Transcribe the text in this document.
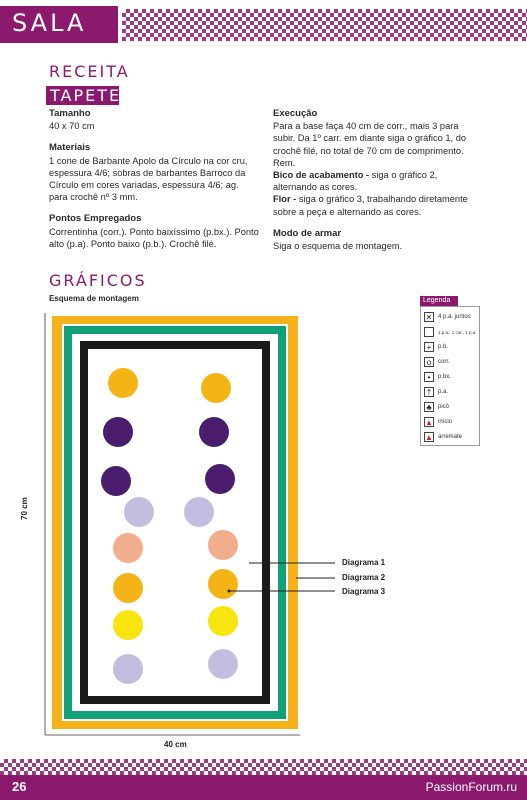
SALA
RECEITA
TAPETE

Tamanho
40 x 70 cm

Materiais
1 cone de Barbante Apolo da Círculo na cor cru, espessura 4/6; sobras de barbantes Barroco da Círculo em cores variadas, espessura 4/6; ag. para crochê nº 3 mm.

Pontos Empregados
Correntinha (corr.). Ponto baixíssimo (p.bx.). Ponto alto (p.a). Ponto baixo (p.b.). Crochê filé.

Execução
Para a base faça 40 cm de corr., mais 3 para subir. Da 1º carr. em diante siga o gráfico 1, do crochê filé, no total de 70 cm de comprimento. Rem.

Bico de acabamento - siga o gráfico 2, alternando as cores.

Flor - siga o gráfico 3, trabalhando diretamente sobre a peça e alternando as cores.

Modo de armar
Siga o esquema de montagem.

GRÁFICOS
Esquema de montagem	Legenda
✕ 4 p.a. juntos
1 p.a., 1 cor., 1 p.a.
+	p.b.
o	corr.
•	p.bx.
†	p.a.
♣	picô
▲ início
▲ arremate
Diagrama 1
Diagrama 2
Diagrama 3
40 cm
70 cm
26	PassionForum.ru
